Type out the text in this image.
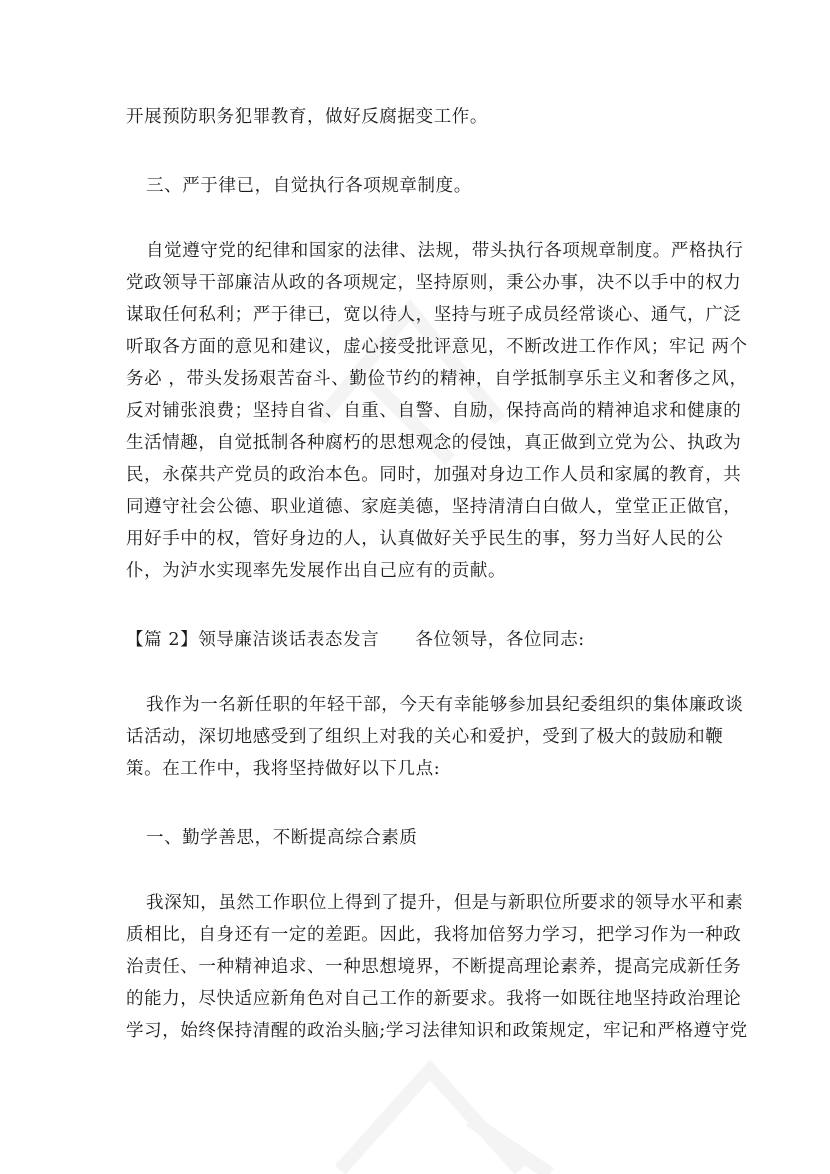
开展预防职务犯罪教育，做好反腐据变工作。
三、严于律已，自觉执行各项规章制度。
自觉遵守党的纪律和国家的法律、法规，带头执行各项规章制度。严格执行
党政领导干部廉洁从政的各项规定，坚持原则，秉公办事，决不以手中的权力
谋取任何私利；严于律已，宽以待人，坚持与班子成员经常谈心、通气，广泛
听取各方面的意见和建议，虚心接受批评意见，不断改进工作作风；牢记 两个
务必 ，带头发扬艰苦奋斗、勤俭节约的精神，自学抵制享乐主义和奢侈之风，
反对铺张浪费；坚持自省、自重、自警、自励，保持高尚的精神追求和健康的
生活情趣，自觉抵制各种腐朽的思想观念的侵蚀，真正做到立党为公、执政为
民，永葆共产党员的政治本色。同时，加强对身边工作人员和家属的教育，共
同遵守社会公德、职业道德、家庭美德，坚持清清白白做人，堂堂正正做官，
用好手中的权，管好身边的人，认真做好关乎民生的事，努力当好人民的公
仆，为泸水实现率先发展作出自己应有的贡献。
【篇 2】领导廉洁谈话表态发言　　各位领导，各位同志:
我作为一名新任职的年轻干部，今天有幸能够参加县纪委组织的集体廉政谈
话活动，深切地感受到了组织上对我的关心和爱护，受到了极大的鼓励和鞭
策。在工作中，我将坚持做好以下几点:
一、勤学善思，不断提高综合素质
我深知，虽然工作职位上得到了提升，但是与新职位所要求的领导水平和素
质相比，自身还有一定的差距。因此，我将加倍努力学习，把学习作为一种政
治责任、一种精神追求、一种思想境界，不断提高理论素养，提高完成新任务
的能力，尽快适应新角色对自己工作的新要求。我将一如既往地坚持政治理论
学习，始终保持清醒的政治头脑;学习法律知识和政策规定，牢记和严格遵守党
